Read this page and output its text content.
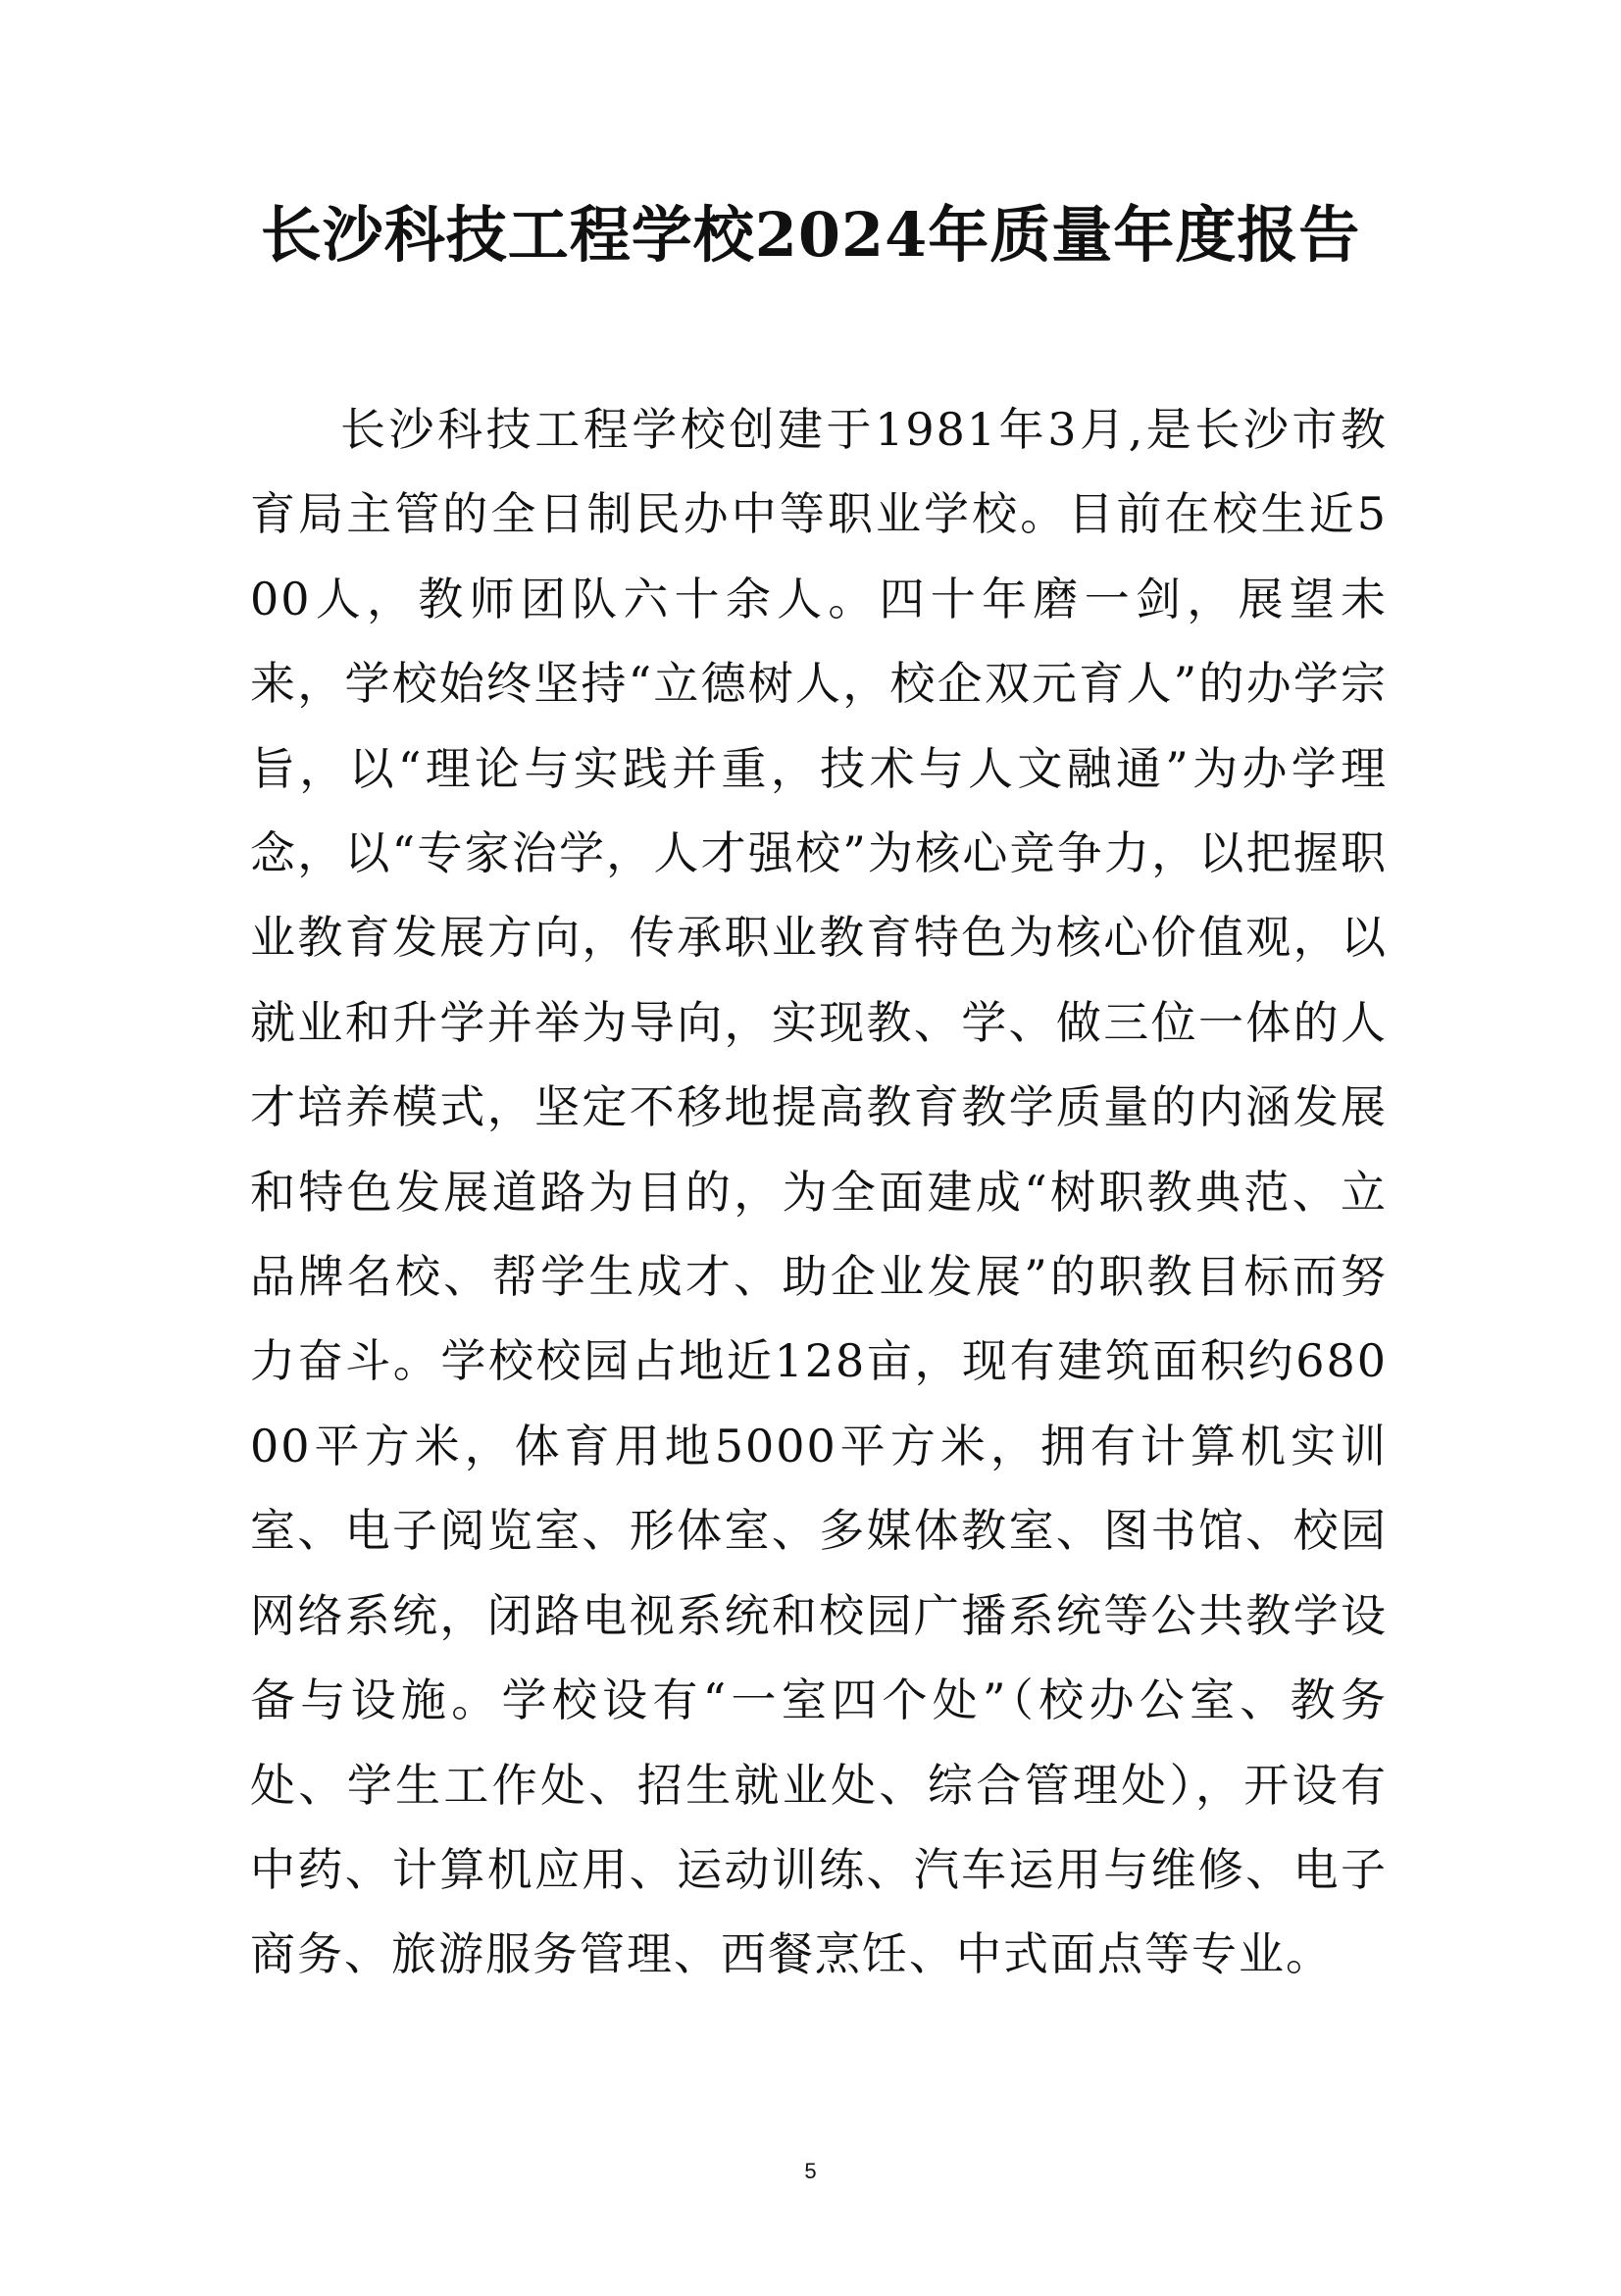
长沙科技工程学校2024年质量年度报告

长沙科技工程学校创建于1981年3月,是长沙市教育局主管的全日制民办中等职业学校。目前在校生近500人，教师团队六十余人。四十年磨一剑，展望未来，学校始终坚持“立德树人，校企双元育人”的办学宗旨，以“理论与实践并重，技术与人文融通”为办学理念，以“专家治学，人才强校”为核心竞争力，以把握职业教育发展方向，传承职业教育特色为核心价值观，以就业和升学并举为导向，实现教、学、做三位一体的人才培养模式，坚定不移地提高教育教学质量的内涵发展和特色发展道路为目的，为全面建成“树职教典范、立品牌名校、帮学生成才、助企业发展”的职教目标而努力奋斗。学校校园占地近128亩，现有建筑面积约68000平方米，体育用地5000平方米，拥有计算机实训室、电子阅览室、形体室、多媒体教室、图书馆、校园网络系统，闭路电视系统和校园广播系统等公共教学设备与设施。学校设有“一室四个处”（校办公室、教务处、学生工作处、招生就业处、综合管理处），开设有中药、计算机应用、运动训练、汽车运用与维修、电子商务、旅游服务管理、西餐烹饪、中式面点等专业。

5
